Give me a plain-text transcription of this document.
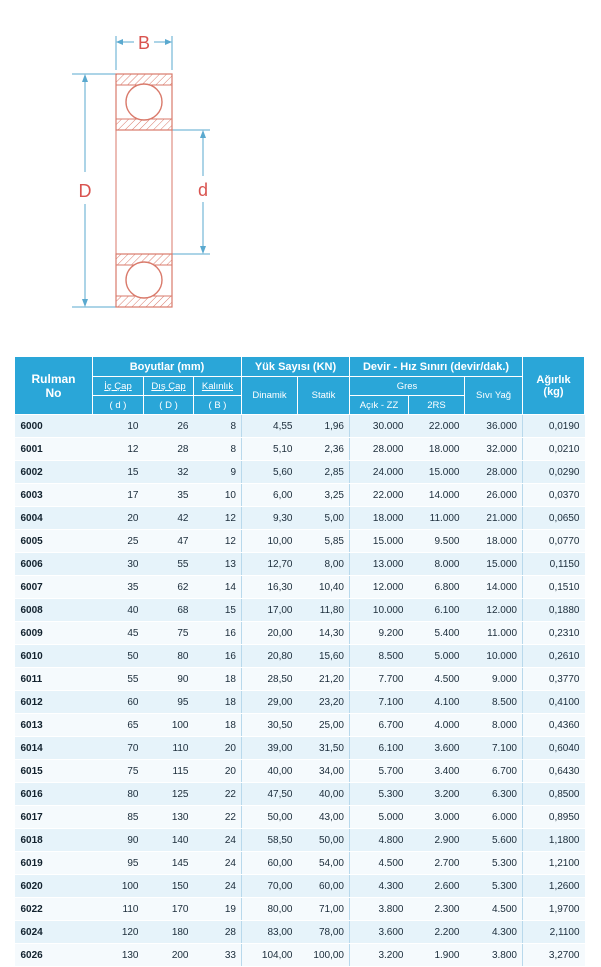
B
D	d
Rulman No	Boyutlar (mm)			Yük Sayısı (KN)		Devir - Hız Sınırı (devir/dak.)			Ağırlık (kg)
	İç Çap	Dış Çap	Kalınlık	Dinamik	Statik	Gres		Sıvı Yağ	
	( d )	( D )	( B )			Açık - ZZ	2RS		
6000	10	26	8	4,55	1,96	30.000	22.000	36.000	0,0190
6001	12	28	8	5,10	2,36	28.000	18.000	32.000	0,0210
6002	15	32	9	5,60	2,85	24.000	15.000	28.000	0,0290
6003	17	35	10	6,00	3,25	22.000	14.000	26.000	0,0370
6004	20	42	12	9,30	5,00	18.000	11.000	21.000	0,0650
6005	25	47	12	10,00	5,85	15.000	9.500	18.000	0,0770
6006	30	55	13	12,70	8,00	13.000	8.000	15.000	0,1150
6007	35	62	14	16,30	10,40	12.000	6.800	14.000	0,1510
6008	40	68	15	17,00	11,80	10.000	6.100	12.000	0,1880
6009	45	75	16	20,00	14,30	9.200	5.400	11.000	0,2310
6010	50	80	16	20,80	15,60	8.500	5.000	10.000	0,2610
6011	55	90	18	28,50	21,20	7.700	4.500	9.000	0,3770
6012	60	95	18	29,00	23,20	7.100	4.100	8.500	0,4100
6013	65	100	18	30,50	25,00	6.700	4.000	8.000	0,4360
6014	70	110	20	39,00	31,50	6.100	3.600	7.100	0,6040
6015	75	115	20	40,00	34,00	5.700	3.400	6.700	0,6430
6016	80	125	22	47,50	40,00	5.300	3.200	6.300	0,8500
6017	85	130	22	50,00	43,00	5.000	3.000	6.000	0,8950
6018	90	140	24	58,50	50,00	4.800	2.900	5.600	1,1800
6019	95	145	24	60,00	54,00	4.500	2.700	5.300	1,2100
6020	100	150	24	70,00	60,00	4.300	2.600	5.300	1,2600
6022	110	170	19	80,00	71,00	3.800	2.300	4.500	1,9700
6024	120	180	28	83,00	78,00	3.600	2.200	4.300	2,1100
6026	130	200	33	104,00	100,00	3.200	1.900	3.800	3,2700
